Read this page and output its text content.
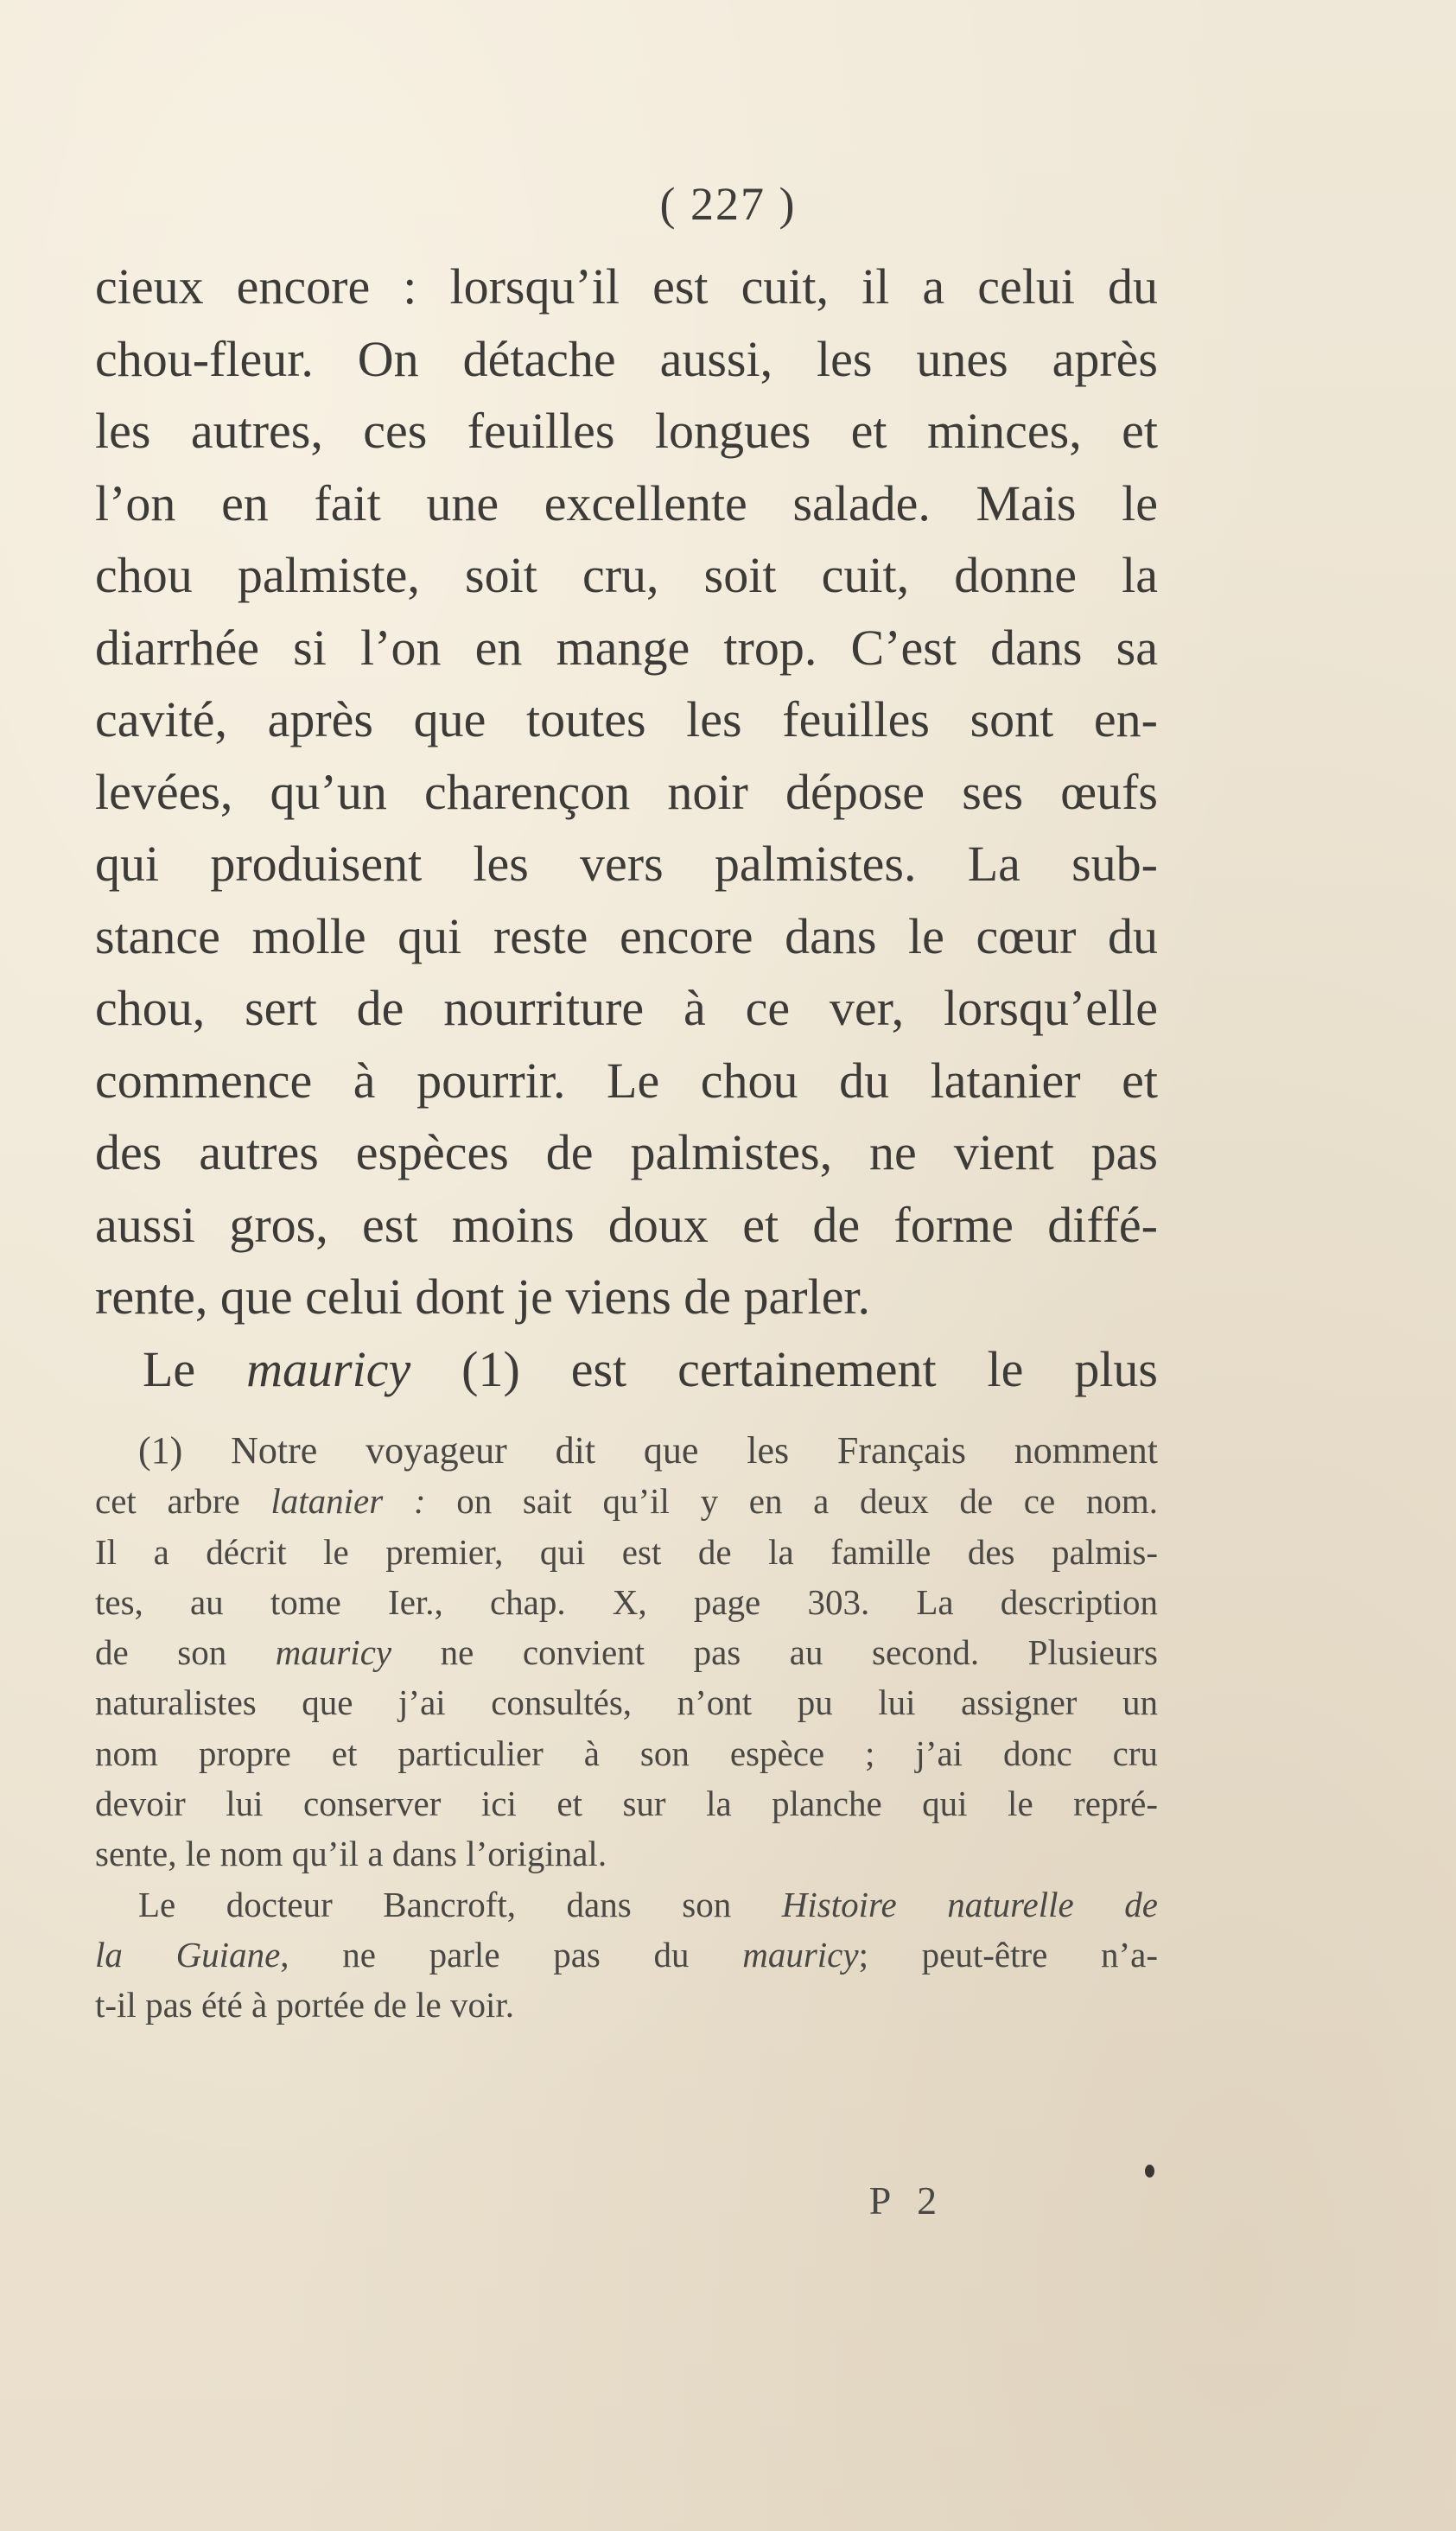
( 227 )
cieux encore : lorsqu’il est cuit, il a celui du
chou-fleur. On détache aussi, les unes après
les autres, ces feuilles longues et minces, et
l’on en fait une excellente salade. Mais le
chou palmiste, soit cru, soit cuit, donne la
diarrhée si l’on en mange trop. C’est dans sa
cavité, après que toutes les feuilles sont en-
levées, qu’un charençon noir dépose ses œufs
qui produisent les vers palmistes. La sub-
stance molle qui reste encore dans le cœur du
chou, sert de nourriture à ce ver, lorsqu’elle
commence à pourrir. Le chou du latanier et
des autres espèces de palmistes, ne vient pas
aussi gros, est moins doux et de forme diffé-
rente, que celui dont je viens de parler.
Le mauricy (1) est certainement le plus
(1) Notre voyageur dit que les Français nomment
cet arbre latanier : on sait qu’il y en a deux de ce nom.
Il a décrit le premier, qui est de la famille des palmis-
tes, au tome Ier., chap. X, page 303. La description
de son mauricy ne convient pas au second. Plusieurs
naturalistes que j’ai consultés, n’ont pu lui assigner un
nom propre et particulier à son espèce ; j’ai donc cru
devoir lui conserver ici et sur la planche qui le repré-
sente, le nom qu’il a dans l’original.
Le docteur Bancroft, dans son Histoire naturelle de
la Guiane, ne parle pas du mauricy; peut-être n’a-
t-il pas été à portée de le voir.
P 2
